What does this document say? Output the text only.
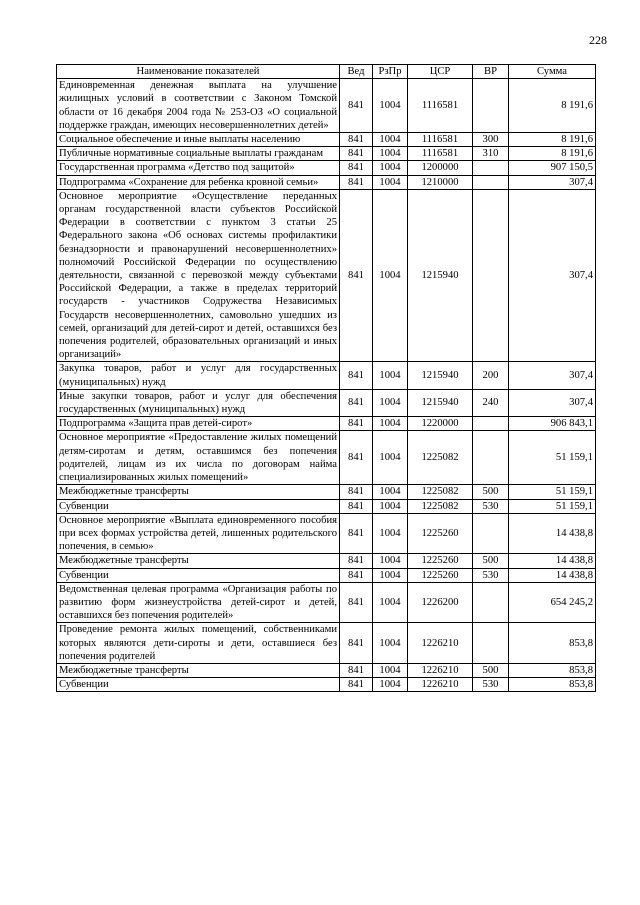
228
Наименование показателей	Вед	РзПр	ЦСР	ВР	Сумма
Единовременная денежная выплата на улучшение жилищных условий в соответствии с Законом Томской области от 16 декабря 2004 года № 253-ОЗ «О социальной поддержке граждан, имеющих несовершеннолетних детей»	841	1004	1116581		8 191,6
Социальное обеспечение и иные выплаты населению	841	1004	1116581	300	8 191,6
Публичные нормативные социальные выплаты гражданам	841	1004	1116581	310	8 191,6
Государственная программа «Детство под защитой»	841	1004	1200000		907 150,5
Подпрограмма «Сохранение для ребенка кровной семьи»	841	1004	1210000		307,4
Основное мероприятие «Осуществление переданных органам государственной власти субъектов Российской Федерации в соответствии с пунктом 3 статьи 25 Федерального закона «Об основах системы профилактики безнадзорности и правонарушений несовершеннолетних» полномочий Российской Федерации по осуществлению деятельности, связанной с перевозкой между субъектами Российской Федерации, а также в пределах территорий государств - участников Содружества Независимых Государств несовершеннолетних, самовольно ушедших из семей, организаций для детей-сирот и детей, оставшихся без попечения родителей, образовательных организаций и иных организаций»	841	1004	1215940		307,4
Закупка товаров, работ и услуг для государственных (муниципальных) нужд	841	1004	1215940	200	307,4
Иные закупки товаров, работ и услуг для обеспечения государственных (муниципальных) нужд	841	1004	1215940	240	307,4
Подпрограмма «Защита прав детей-сирот»	841	1004	1220000		906 843,1
Основное мероприятие «Предоставление жилых помещений детям-сиротам и детям, оставшимся без попечения родителей, лицам из их числа по договорам найма специализированных жилых помещений»	841	1004	1225082		51 159,1
Межбюджетные трансферты	841	1004	1225082	500	51 159,1
Субвенции	841	1004	1225082	530	51 159,1
Основное мероприятие «Выплата единовременного пособия при всех формах устройства детей, лишенных родительского попечения, в семью»	841	1004	1225260		14 438,8
Межбюджетные трансферты	841	1004	1225260	500	14 438,8
Субвенции	841	1004	1225260	530	14 438,8
Ведомственная целевая программа «Организация работы по развитию форм жизнеустройства детей-сирот и детей, оставшихся без попечения родителей»	841	1004	1226200		654 245,2
Проведение ремонта жилых помещений, собственниками которых являются дети-сироты и дети, оставшиеся без попечения родителей	841	1004	1226210		853,8
Межбюджетные трансферты	841	1004	1226210	500	853,8
Субвенции	841	1004	1226210	530	853,8
